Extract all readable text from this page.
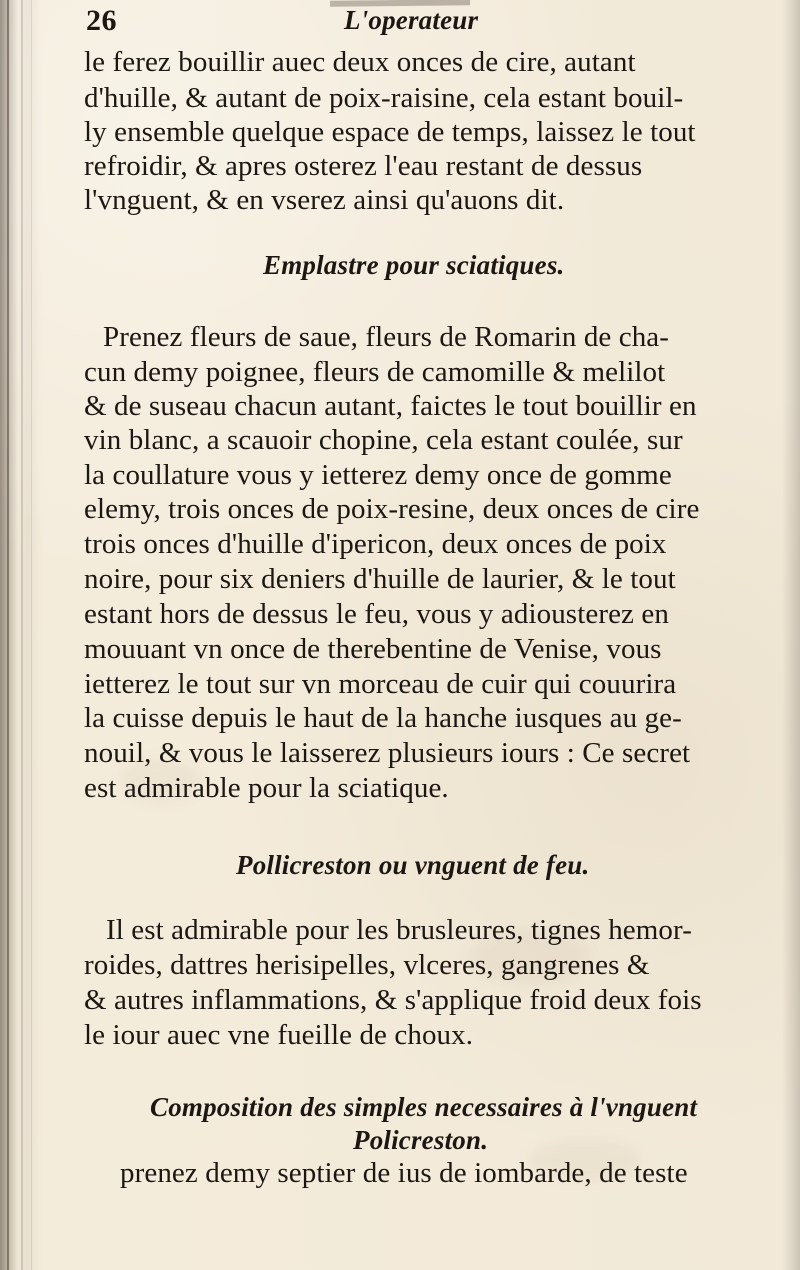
26	L'operateur
le ferez bouillir auec deux onces de cire, autant
d'huille, & autant de poix-raisine, cela estant bouil-
ly ensemble quelque espace de temps, laissez le tout
refroidir, & apres osterez l'eau restant de dessus
l'vnguent, & en vserez ainsi qu'auons dit.
Emplastre pour sciatiques.
Prenez fleurs de saue, fleurs de Romarin de cha-
cun demy poignee, fleurs de camomille & melilot
& de suseau chacun autant, faictes le tout bouillir en
vin blanc, a scauoir chopine, cela estant coulée, sur
la coullature vous y ietterez demy once de gomme
elemy, trois onces de poix-resine, deux onces de cire
trois onces d'huille d'ipericon, deux onces de poix
noire, pour six deniers d'huille de laurier, & le tout
estant hors de dessus le feu, vous y adiousterez en
mouuant vn once de therebentine de Venise, vous
ietterez le tout sur vn morceau de cuir qui couurira
la cuisse depuis le haut de la hanche iusques au ge-
nouil, & vous le laisserez plusieurs iours : Ce secret
est admirable pour la sciatique.
Pollicreston ou vnguent de feu.
Il est admirable pour les brusleures, tignes hemor-
roides, dattres herisipelles, vlceres, gangrenes &
& autres inflammations, & s'applique froid deux fois
le iour auec vne fueille de choux.
Composition des simples necessaires à l'vnguent
Policreston.
prenez demy septier de ius de iombarde, de teste
